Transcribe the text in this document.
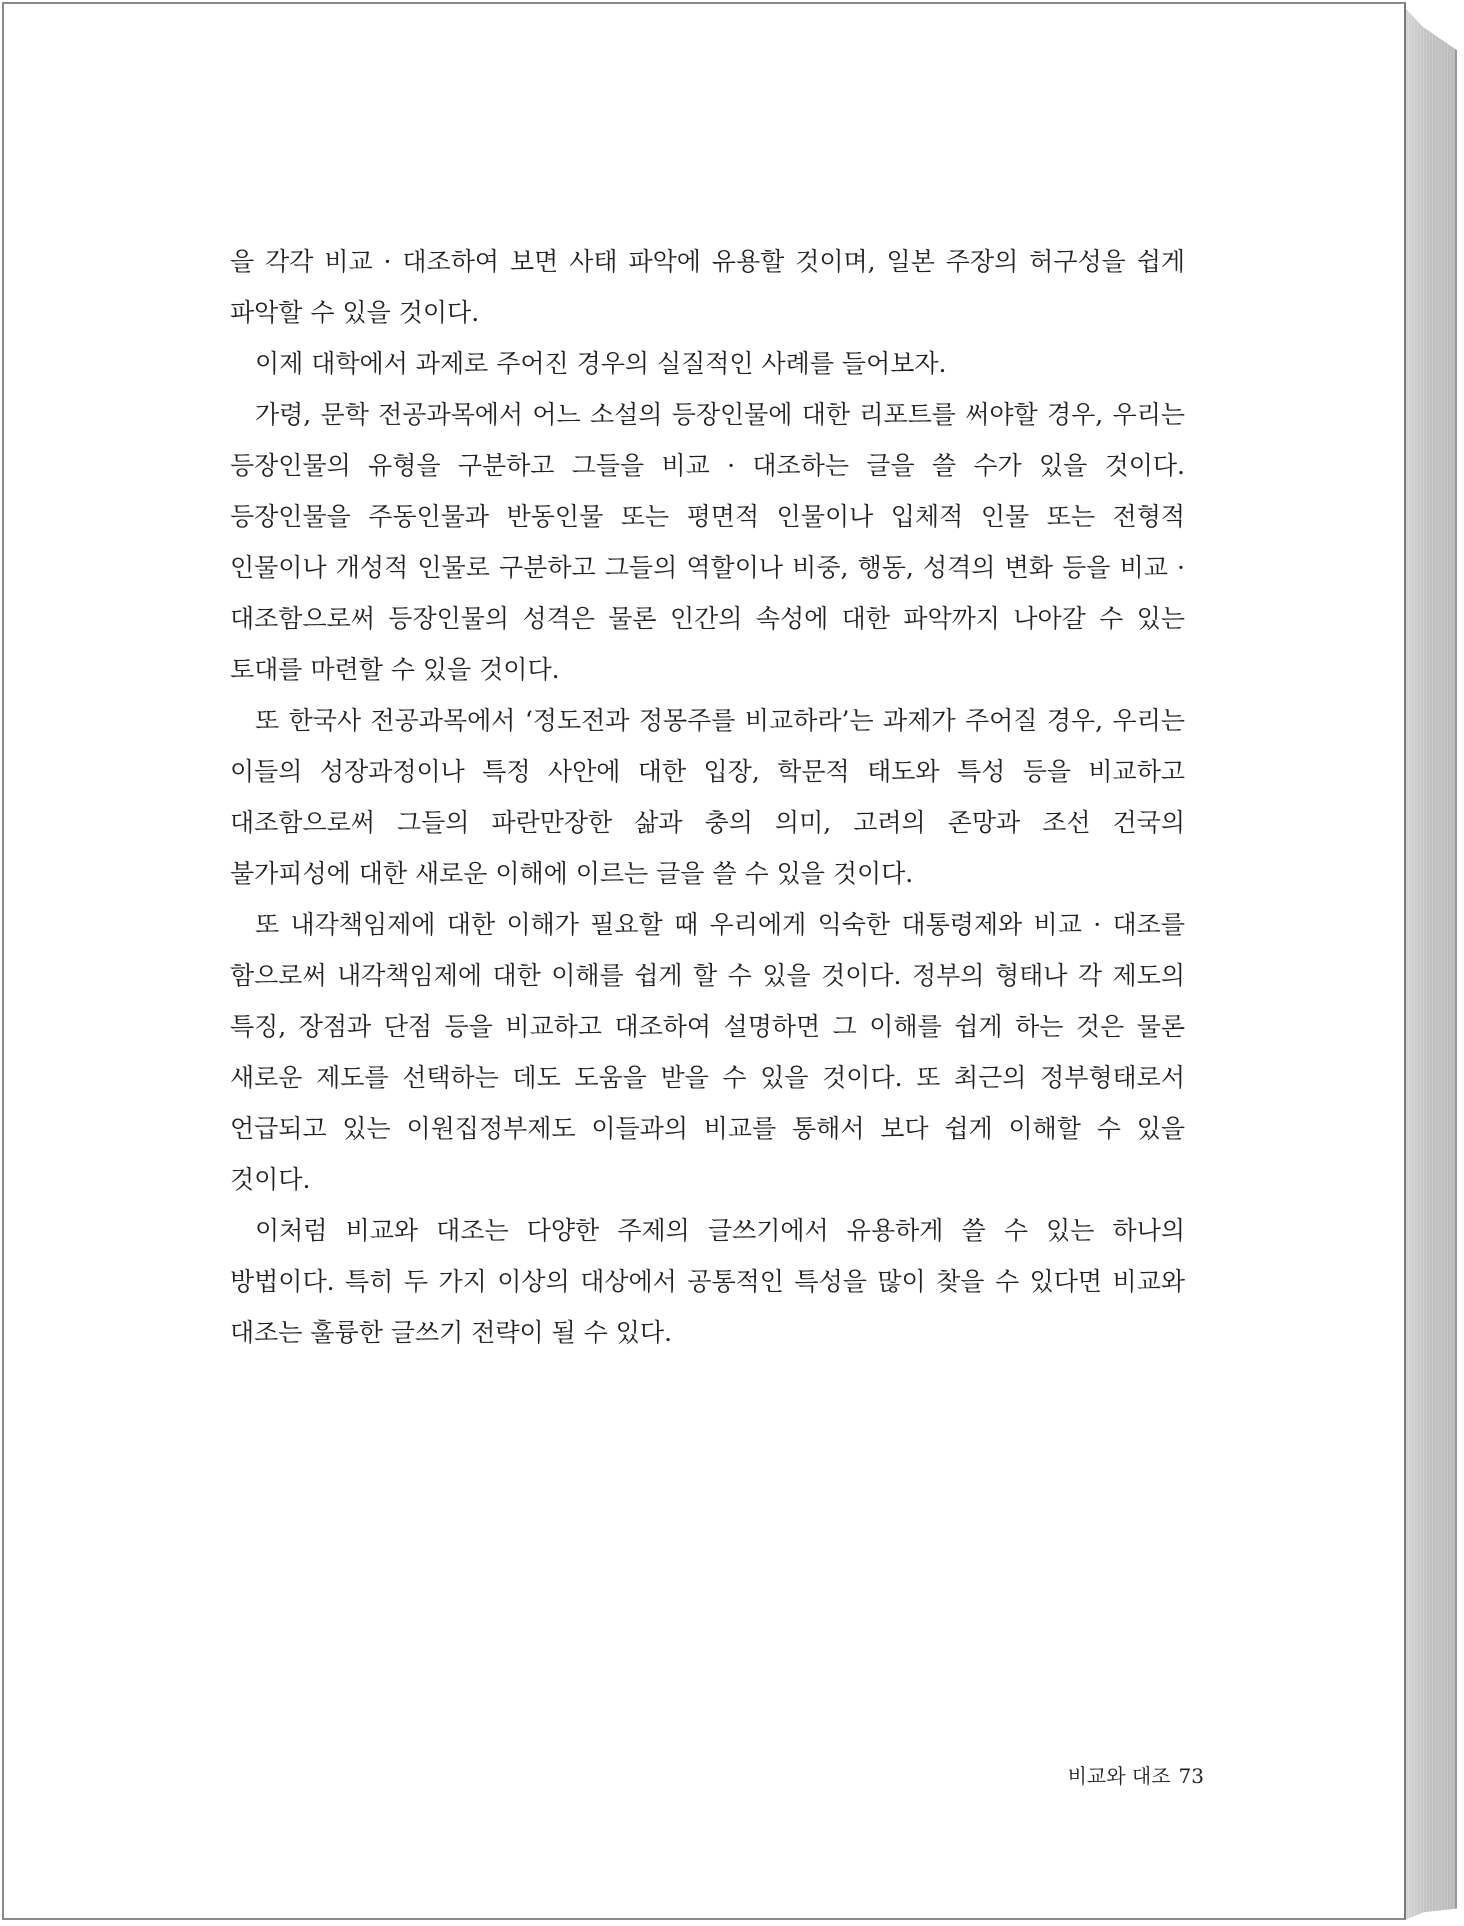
을 각각 비교 · 대조하여 보면 사태 파악에 유용할 것이며, 일본 주장의 허구성을 쉽게 파악할 수 있을 것이다.

이제 대학에서 과제로 주어진 경우의 실질적인 사례를 들어보자.

가령, 문학 전공과목에서 어느 소설의 등장인물에 대한 리포트를 써야할 경우, 우리는 등장인물의 유형을 구분하고 그들을 비교 · 대조하는 글을 쓸 수가 있을 것이다. 등장인물을 주동인물과 반동인물 또는 평면적 인물이나 입체적 인물 또는 전형적 인물이나 개성적 인물로 구분하고 그들의 역할이나 비중, 행동, 성격의 변화 등을 비교 · 대조함으로써 등장인물의 성격은 물론 인간의 속성에 대한 파악까지 나아갈 수 있는 토대를 마련할 수 있을 것이다.

또 한국사 전공과목에서 ‘정도전과 정몽주를 비교하라’는 과제가 주어질 경우, 우리는 이들의 성장과정이나 특정 사안에 대한 입장, 학문적 태도와 특성 등을 비교하고 대조함으로써 그들의 파란만장한 삶과 충의 의미, 고려의 존망과 조선 건국의 불가피성에 대한 새로운 이해에 이르는 글을 쓸 수 있을 것이다.

또 내각책임제에 대한 이해가 필요할 때 우리에게 익숙한 대통령제와 비교 · 대조를 함으로써 내각책임제에 대한 이해를 쉽게 할 수 있을 것이다. 정부의 형태나 각 제도의 특징, 장점과 단점 등을 비교하고 대조하여 설명하면 그 이해를 쉽게 하는 것은 물론 새로운 제도를 선택하는 데도 도움을 받을 수 있을 것이다. 또 최근의 정부형태로서 언급되고 있는 이원집정부제도 이들과의 비교를 통해서 보다 쉽게 이해할 수 있을 것이다.

이처럼 비교와 대조는 다양한 주제의 글쓰기에서 유용하게 쓸 수 있는 하나의 방법이다. 특히 두 가지 이상의 대상에서 공통적인 특성을 많이 찾을 수 있다면 비교와 대조는 훌륭한 글쓰기 전략이 될 수 있다.

비교와 대조 73
